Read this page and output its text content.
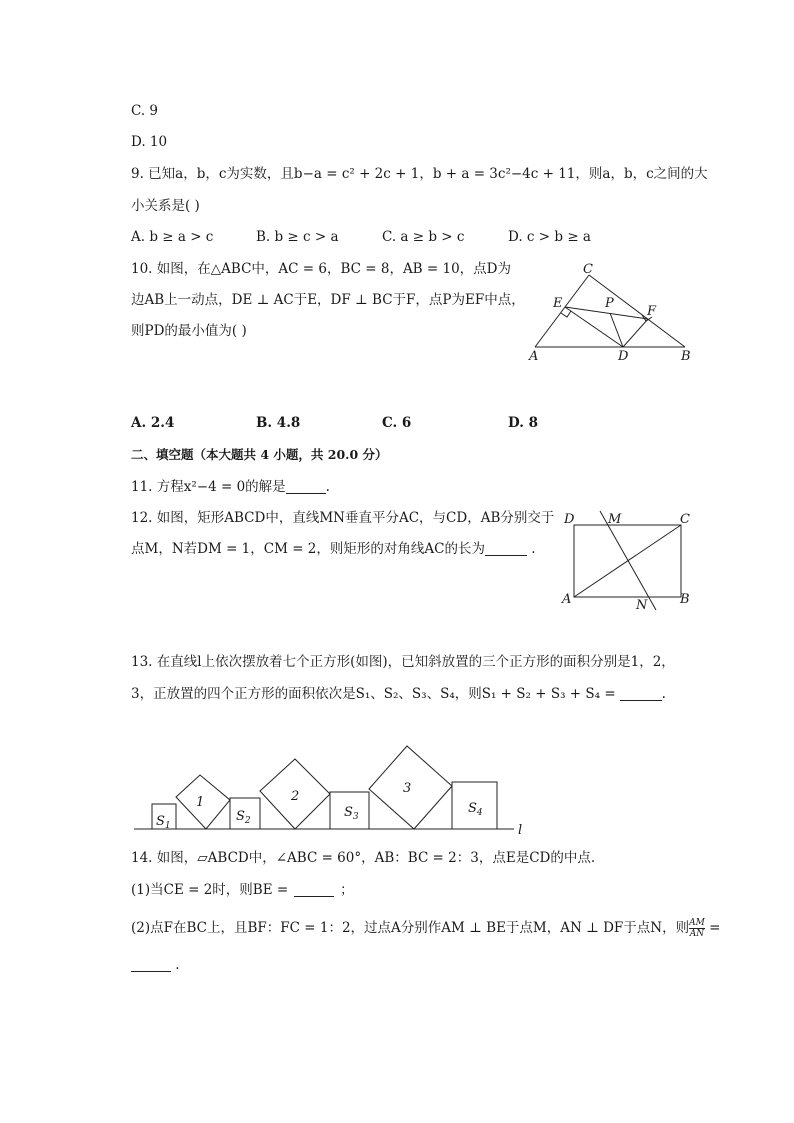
C. 9
D. 10
9. 已知a，b，c为实数，且b−a = c² + 2c + 1，b + a = 3c²−4c + 11，则a，b，c之间的大
小关系是( )
A. b ≥ a > c	B. b ≥ c > a	C. a ≥ b > c	D. c > b ≥ a
10. 如图，在△ABC中，AC = 6，BC = 8，AB = 10，点D为
边AB上一动点，DE ⊥ AC于E，DF ⊥ BC于F，点P为EF中点，
则PD的最小值为( )
C
E	P
F
A	D	B
A. 2.4	B. 4.8	C. 6	D. 8
二、填空题（本大题共 4 小题，共 20.0 分）
11. 方程x²−4 = 0的解是	.
12. 如图，矩形ABCD中，直线MN垂直平分AC，与CD，AB分别交于
点M，N若DM = 1，CM = 2，则矩形的对角线AC的长为	.
D	M	C
A	N	B
13. 在直线l上依次摆放着七个正方形(如图)，已知斜放置的三个正方形的面积分别是1，2，
3，正放置的四个正方形的面积依次是S₁、S₂、S₃、S₄，则S₁ + S₂ + S₃ + S₄ =	.
1	2
3
$S_1$
$S_2$
$S_3$
$S_4$
l
14. 如图，▱ABCD中，∠ABC = 60°，AB：BC = 2：3，点E是CD的中点.
(1)当CE = 2时，则BE =	；
(2)点F在BC上，且BF：FC = 1：2，过点A分别作AM ⊥ BE于点M，AN ⊥ DF于点N，则 $\frac{AM}{AN}$ =
.
